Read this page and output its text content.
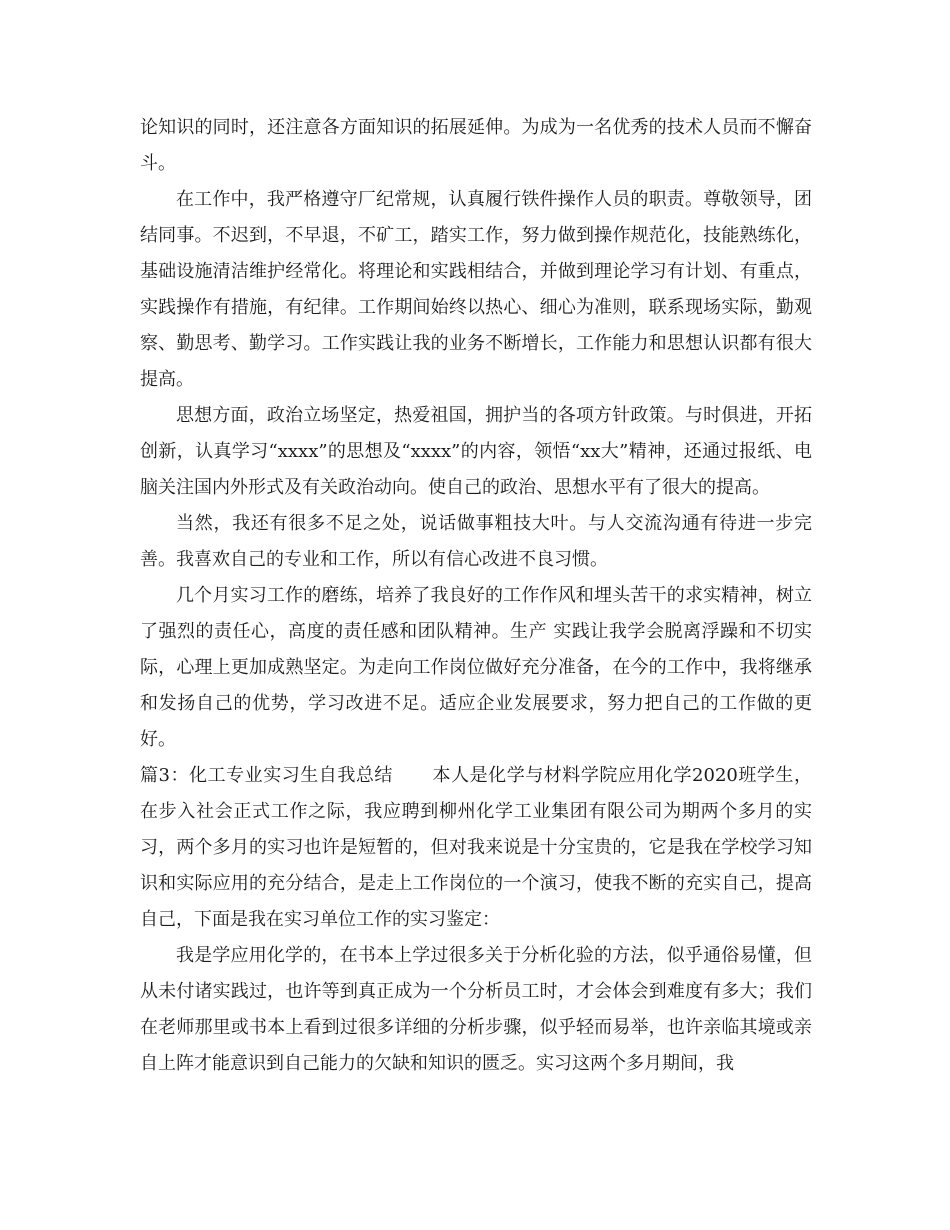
论知识的同时，还注意各方面知识的拓展延伸。为成为一名优秀的技术人员而不懈奋斗。

在工作中，我严格遵守厂纪常规，认真履行铁件操作人员的职责。尊敬领导，团结同事。不迟到，不早退，不矿工，踏实工作，努力做到操作规范化，技能熟练化，基础设施清洁维护经常化。将理论和实践相结合，并做到理论学习有计划、有重点，实践操作有措施，有纪律。工作期间始终以热心、细心为准则，联系现场实际，勤观察、勤思考、勤学习。工作实践让我的业务不断增长，工作能力和思想认识都有很大提高。

思想方面，政治立场坚定，热爱祖国，拥护当的各项方针政策。与时俱进，开拓创新，认真学习“xxxx”的思想及“xxxx”的内容，领悟“xx大”精神，还通过报纸、电脑关注国内外形式及有关政治动向。使自己的政治、思想水平有了很大的提高。

当然，我还有很多不足之处，说话做事粗技大叶。与人交流沟通有待进一步完善。我喜欢自己的专业和工作，所以有信心改进不良习惯。

几个月实习工作的磨练，培养了我良好的工作作风和埋头苦干的求实精神，树立了强烈的责任心，高度的责任感和团队精神。生产 实践让我学会脱离浮躁和不切实际，心理上更加成熟坚定。为走向工作岗位做好充分准备，在今的工作中，我将继承和发扬自己的优势，学习改进不足。适应企业发展要求，努力把自己的工作做的更好。

篇3：化工专业实习生自我总结 本人是化学与材料学院应用化学2020班学生，在步入社会正式工作之际，我应聘到柳州化学工业集团有限公司为期两个多月的实习，两个多月的实习也许是短暂的，但对我来说是十分宝贵的，它是我在学校学习知识和实际应用的充分结合，是走上工作岗位的一个演习，使我不断的充实自己，提高自己，下面是我在实习单位工作的实习鉴定：

我是学应用化学的，在书本上学过很多关于分析化验的方法，似乎通俗易懂，但从未付诸实践过，也许等到真正成为一个分析员工时，才会体会到难度有多大；我们在老师那里或书本上看到过很多详细的分析步骤，似乎轻而易举，也许亲临其境或亲自上阵才能意识到自己能力的欠缺和知识的匮乏。实习这两个多月期间，我
